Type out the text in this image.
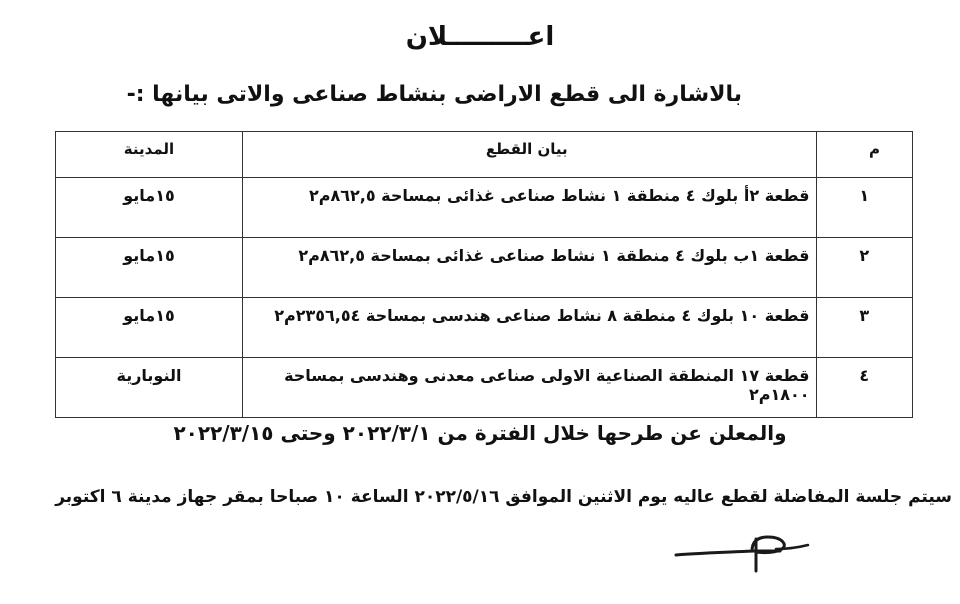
اعـــــــــلان
بالاشارة الى قطع الاراضى بنشاط صناعى والاتى بيانها :-
م	بيان القطع	المدينة
١	قطعة ٢أ بلوك ٤ منطقة ١ نشاط صناعى غذائى بمساحة ٨٦٢,٥م٢	١٥مايو
٢	قطعة ١ب بلوك ٤ منطقة ١ نشاط صناعى غذائى بمساحة ٨٦٢,٥م٢	١٥مايو
٣	قطعة ١٠ بلوك ٤ منطقة ٨ نشاط صناعى هندسى بمساحة ٢٣٥٦,٥٤م٢	١٥مايو
٤	قطعة ١٧ المنطقة الصناعية الاولى صناعى معدنى وهندسى بمساحة ١٨٠٠م٢	النوبارية
والمعلن عن طرحها خلال الفترة من ٢٠٢٢/٣/١ وحتى ٢٠٢٢/٣/١٥
سيتم جلسة المفاضلة لقطع عاليه يوم الاثنين الموافق ٢٠٢٢/٥/١٦ الساعة ١٠ صباحا بمقر جهاز مدينة ٦ اكتوبر
